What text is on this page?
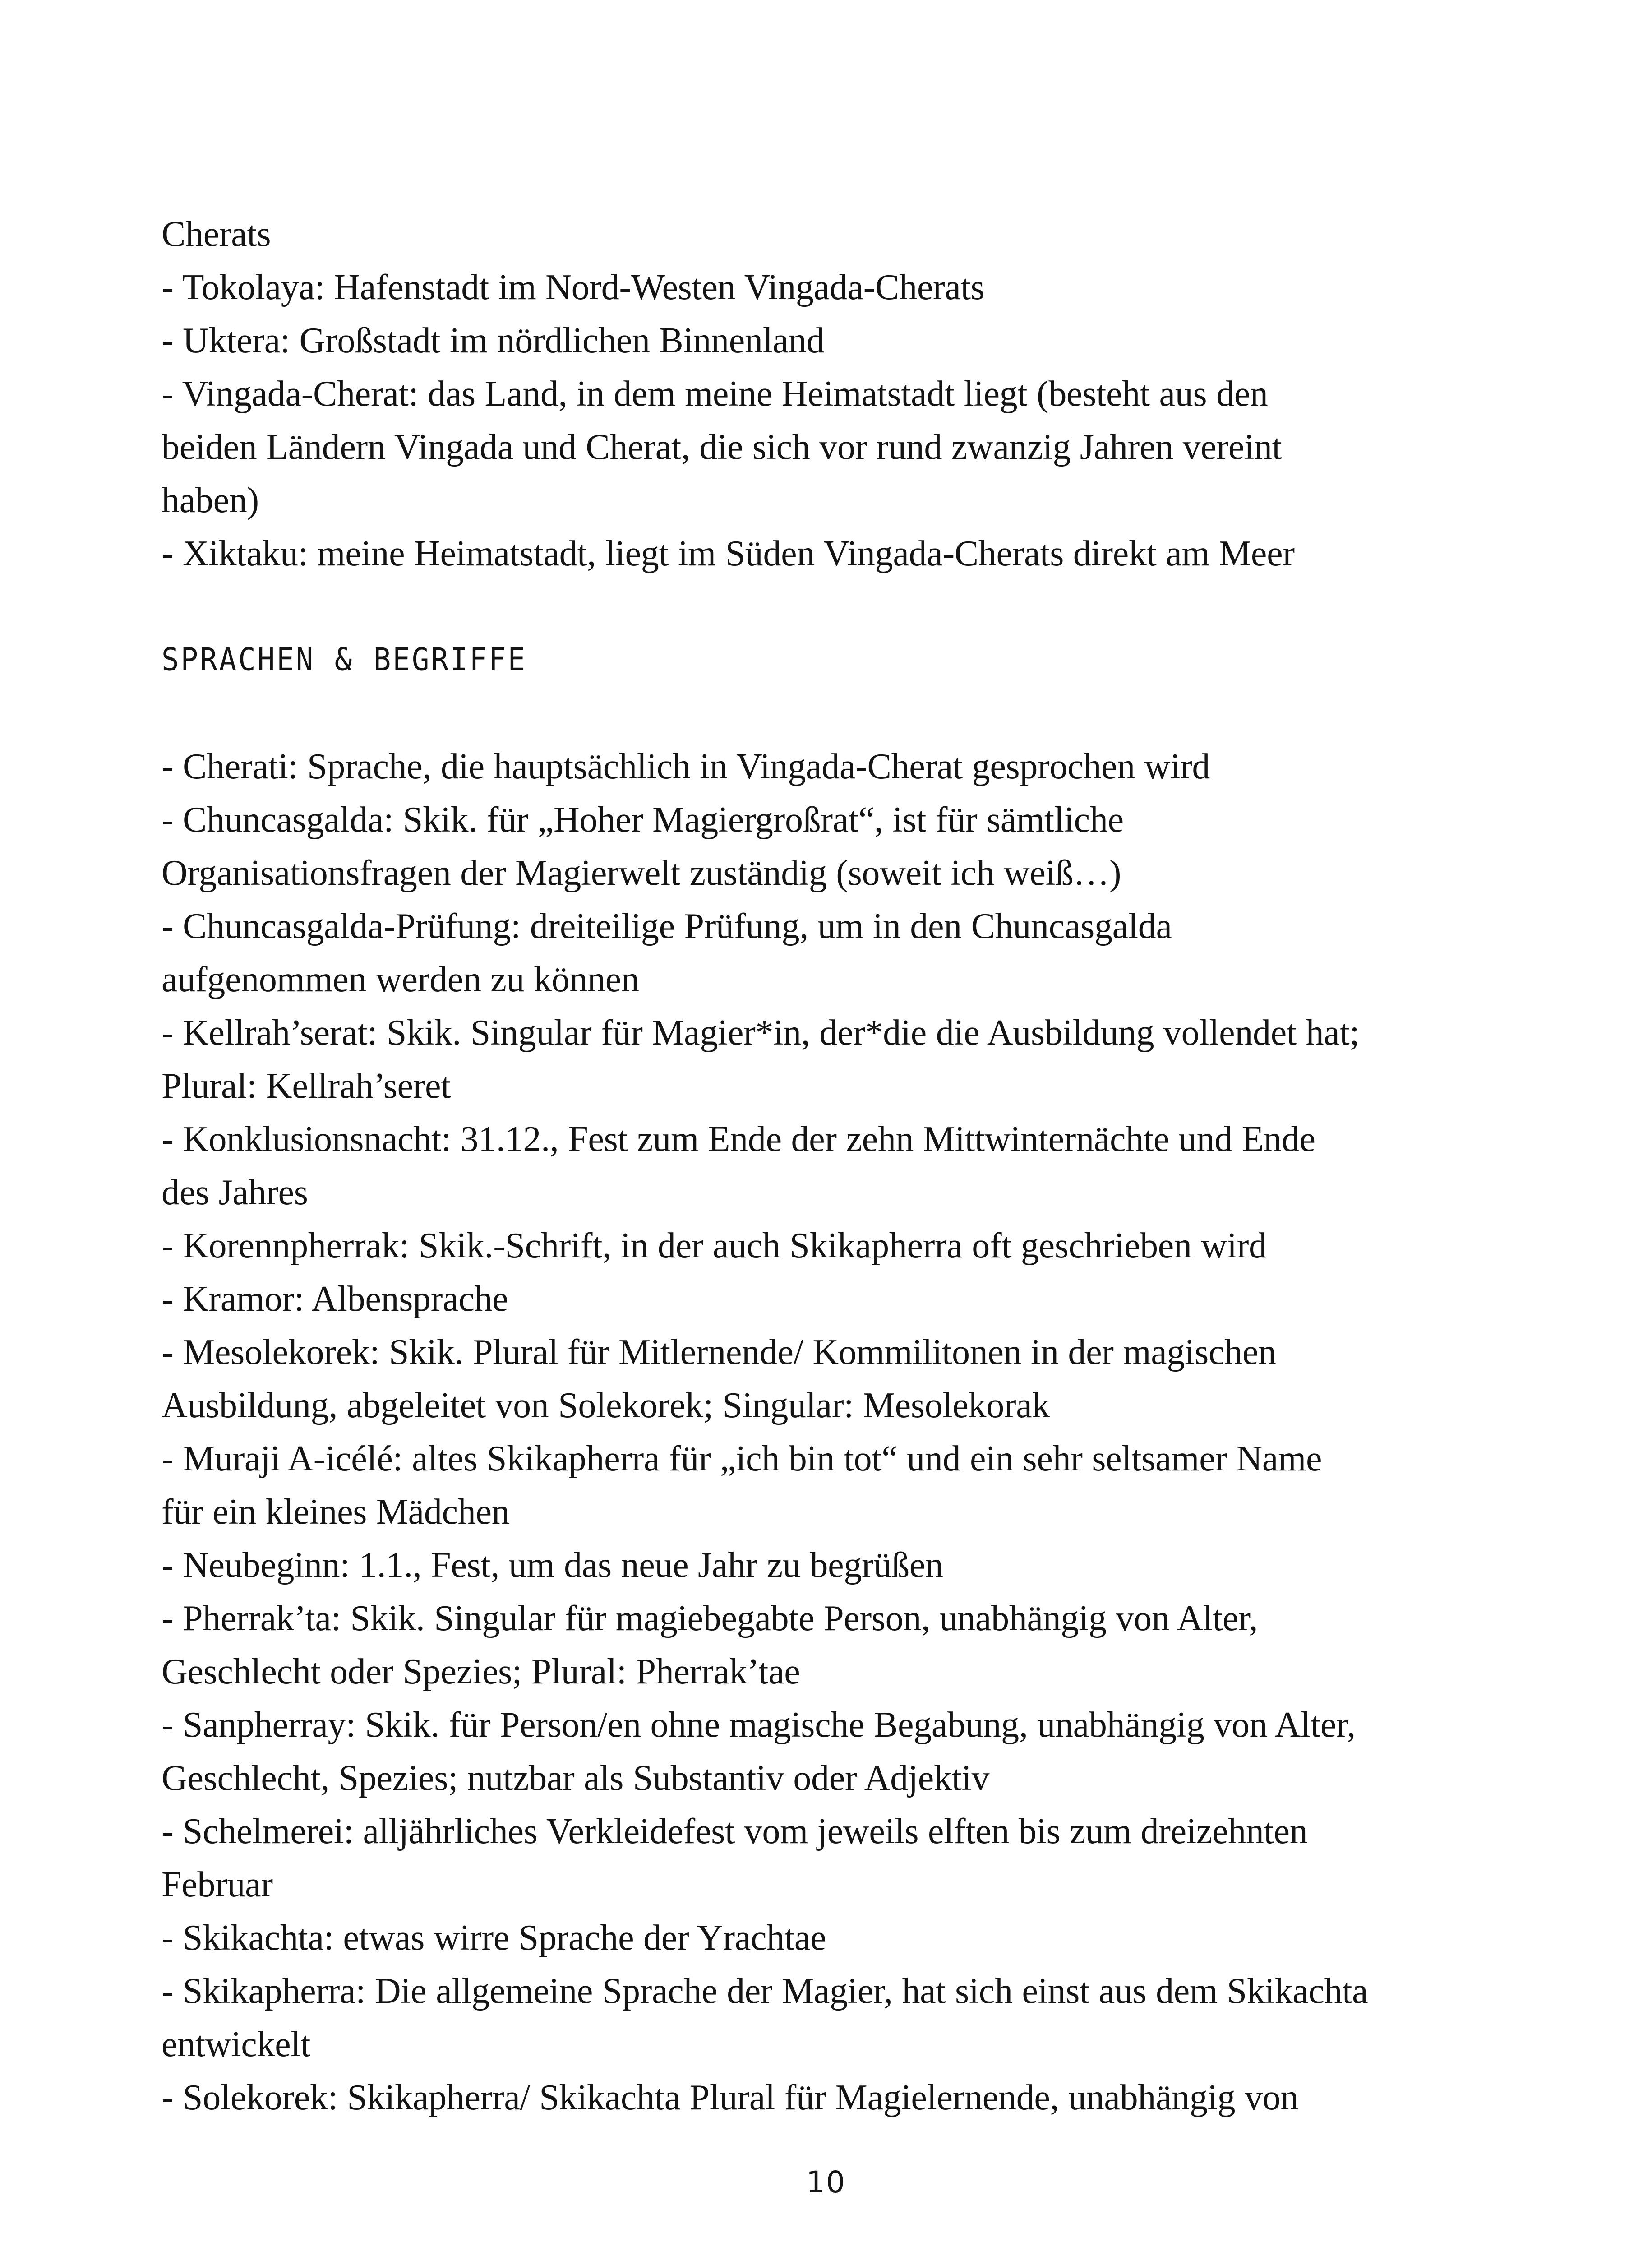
Cherats
- Tokolaya: Hafenstadt im Nord-Westen Vingada-Cherats
- Uktera: Großstadt im nördlichen Binnenland
- Vingada-Cherat: das Land, in dem meine Heimatstadt liegt (besteht aus den
beiden Ländern Vingada und Cherat, die sich vor rund zwanzig Jahren vereint
haben)
- Xiktaku: meine Heimatstadt, liegt im Süden Vingada-Cherats direkt am Meer
SPRACHEN & BEGRIFFE
- Cherati: Sprache, die hauptsächlich in Vingada-Cherat gesprochen wird
- Chuncasgalda: Skik. für „Hoher Magiergroßrat“, ist für sämtliche
Organisationsfragen der Magierwelt zuständig (soweit ich weiß…)
- Chuncasgalda-Prüfung: dreiteilige Prüfung, um in den Chuncasgalda
aufgenommen werden zu können
- Kellrah’serat: Skik. Singular für Magier*in, der*die die Ausbildung vollendet hat;
Plural: Kellrah’seret
- Konklusionsnacht: 31.12., Fest zum Ende der zehn Mittwinternächte und Ende
des Jahres
- Korennpherrak: Skik.-Schrift, in der auch Skikapherra oft geschrieben wird
- Kramor: Albensprache
- Mesolekorek: Skik. Plural für Mitlernende/ Kommilitonen in der magischen
Ausbildung, abgeleitet von Solekorek; Singular: Mesolekorak
- Muraji A-icélé: altes Skikapherra für „ich bin tot“ und ein sehr seltsamer Name
für ein kleines Mädchen
- Neubeginn: 1.1., Fest, um das neue Jahr zu begrüßen
- Pherrak’ta: Skik. Singular für magiebegabte Person, unabhängig von Alter,
Geschlecht oder Spezies; Plural: Pherrak’tae
- Sanpherray: Skik. für Person/en ohne magische Begabung, unabhängig von Alter,
Geschlecht, Spezies; nutzbar als Substantiv oder Adjektiv
- Schelmerei: alljährliches Verkleidefest vom jeweils elften bis zum dreizehnten
Februar
- Skikachta: etwas wirre Sprache der Yrachtae
- Skikapherra: Die allgemeine Sprache der Magier, hat sich einst aus dem Skikachta
entwickelt
- Solekorek: Skikapherra/ Skikachta Plural für Magielernende, unabhängig von
10
